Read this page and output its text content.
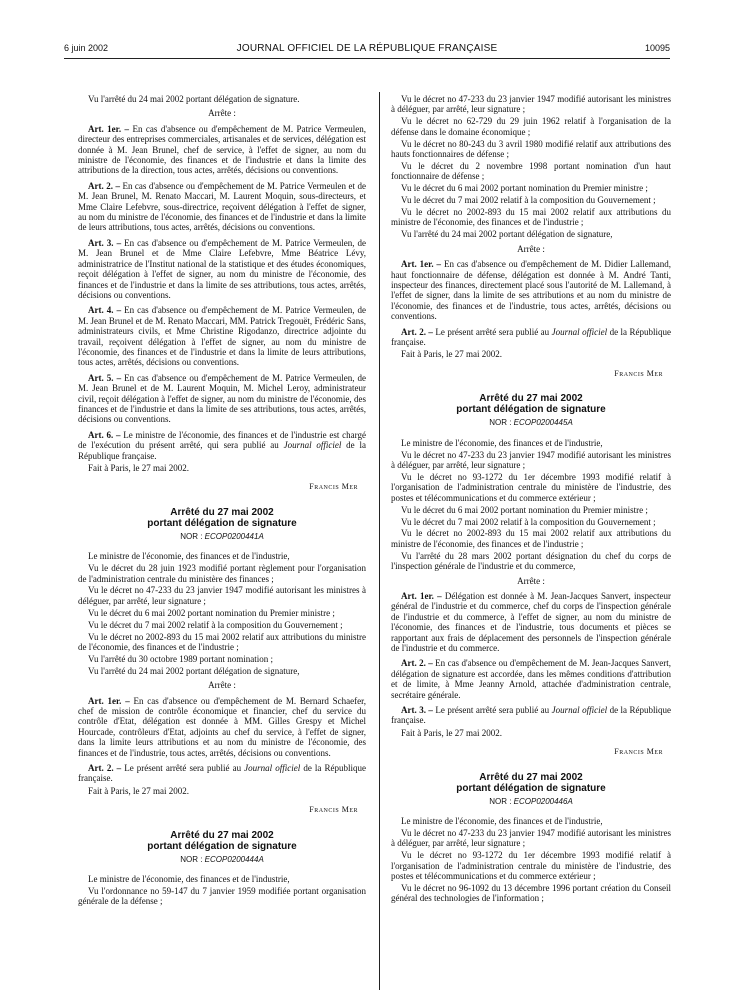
6 juin 2002	JOURNAL OFFICIEL DE LA RÉPUBLIQUE FRANÇAISE	10095

Vu l'arrêté du 24 mai 2002 portant délégation de signature.

Arrête :

Art. 1er. – En cas d'absence ou d'empêchement de M. Patrice Vermeulen, directeur des entreprises commerciales, artisanales et de services, délégation est donnée à M. Jean Brunel, chef de service, à l'effet de signer, au nom du ministre de l'économie, des finances et de l'industrie et dans la limite des attributions de la direction, tous actes, arrêtés, décisions ou conventions.

Art. 2. – En cas d'absence ou d'empêchement de M. Patrice Vermeulen et de M. Jean Brunel, M. Renato Maccari, M. Laurent Moquin, sous-directeurs, et Mme Claire Lefebvre, sous-directrice, reçoivent délégation à l'effet de signer, au nom du ministre de l'économie, des finances et de l'industrie et dans la limite de leurs attributions, tous actes, arrêtés, décisions ou conventions.

Art. 3. – En cas d'absence ou d'empêchement de M. Patrice Vermeulen, de M. Jean Brunel et de Mme Claire Lefebvre, Mme Béatrice Lévy, administratrice de l'Institut national de la statistique et des études économiques, reçoit délégation à l'effet de signer, au nom du ministre de l'économie, des finances et de l'industrie et dans la limite de ses attributions, tous actes, arrêtés, décisions ou conventions.

Art. 4. – En cas d'absence ou d'empêchement de M. Patrice Vermeulen, de M. Jean Brunel et de M. Renato Maccari, MM. Patrick Tregouët, Frédéric Sans, administrateurs civils, et Mme Christine Rigodanzo, directrice adjointe du travail, reçoivent délégation à l'effet de signer, au nom du ministre de l'économie, des finances et de l'industrie et dans la limite de leurs attributions, tous actes, arrêtés, décisions ou conventions.

Art. 5. – En cas d'absence ou d'empêchement de M. Patrice Vermeulen, de M. Jean Brunel et de M. Laurent Moquin, M. Michel Leroy, administrateur civil, reçoit délégation à l'effet de signer, au nom du ministre de l'économie, des finances et de l'industrie et dans la limite de ses attributions, tous actes, arrêtés, décisions ou conventions.

Art. 6. – Le ministre de l'économie, des finances et de l'industrie est chargé de l'exécution du présent arrêté, qui sera publié au Journal officiel de la République française.

Fait à Paris, le 27 mai 2002.

Francis Mer
Arrêté du 27 mai 2002
portant délégation de signature
NOR : ECOP0200441A

Le ministre de l'économie, des finances et de l'industrie,

Vu le décret du 28 juin 1923 modifié portant règlement pour l'organisation de l'administration centrale du ministère des finances ;

Vu le décret no 47-233 du 23 janvier 1947 modifié autorisant les ministres à déléguer, par arrêté, leur signature ;

Vu le décret du 6 mai 2002 portant nomination du Premier ministre ;

Vu le décret du 7 mai 2002 relatif à la composition du Gouvernement ;

Vu le décret no 2002-893 du 15 mai 2002 relatif aux attributions du ministre de l'économie, des finances et de l'industrie ;

Vu l'arrêté du 30 octobre 1989 portant nomination ;

Vu l'arrêté du 24 mai 2002 portant délégation de signature,

Arrête :

Art. 1er. – En cas d'absence ou d'empêchement de M. Bernard Schaefer, chef de mission de contrôle économique et financier, chef du service du contrôle d'Etat, délégation est donnée à MM. Gilles Grespy et Michel Hourcade, contrôleurs d'Etat, adjoints au chef du service, à l'effet de signer, dans la limite leurs attributions et au nom du ministre de l'économie, des finances et de l'industrie, tous actes, arrêtés, décisions ou conventions.

Art. 2. – Le présent arrêté sera publié au Journal officiel de la République française.

Fait à Paris, le 27 mai 2002.

Francis Mer
Arrêté du 27 mai 2002
portant délégation de signature
NOR : ECOP0200444A

Le ministre de l'économie, des finances et de l'industrie,

Vu l'ordonnance no 59-147 du 7 janvier 1959 modifiée portant organisation générale de la défense ;

Vu le décret no 47-233 du 23 janvier 1947 modifié autorisant les ministres à déléguer, par arrêté, leur signature ;

Vu le décret no 62-729 du 29 juin 1962 relatif à l'organisation de la défense dans le domaine économique ;

Vu le décret no 80-243 du 3 avril 1980 modifié relatif aux attributions des hauts fonctionnaires de défense ;

Vu le décret du 2 novembre 1998 portant nomination d'un haut fonctionnaire de défense ;

Vu le décret du 6 mai 2002 portant nomination du Premier ministre ;

Vu le décret du 7 mai 2002 relatif à la composition du Gouvernement ;

Vu le décret no 2002-893 du 15 mai 2002 relatif aux attributions du ministre de l'économie, des finances et de l'industrie ;

Vu l'arrêté du 24 mai 2002 portant délégation de signature,

Arrête :

Art. 1er. – En cas d'absence ou d'empêchement de M. Didier Lallemand, haut fonctionnaire de défense, délégation est donnée à M. André Tanti, inspecteur des finances, directement placé sous l'autorité de M. Lallemand, à l'effet de signer, dans la limite de ses attributions et au nom du ministre de l'économie, des finances et de l'industrie, tous actes, arrêtés, décisions ou conventions.

Art. 2. – Le présent arrêté sera publié au Journal officiel de la République française.

Fait à Paris, le 27 mai 2002.

Francis Mer
Arrêté du 27 mai 2002
portant délégation de signature
NOR : ECOP0200445A

Le ministre de l'économie, des finances et de l'industrie,

Vu le décret no 47-233 du 23 janvier 1947 modifié autorisant les ministres à déléguer, par arrêté, leur signature ;

Vu le décret no 93-1272 du 1er décembre 1993 modifié relatif à l'organisation de l'administration centrale du ministère de l'industrie, des postes et télécommunications et du commerce extérieur ;

Vu le décret du 6 mai 2002 portant nomination du Premier ministre ;

Vu le décret du 7 mai 2002 relatif à la composition du Gouvernement ;

Vu le décret no 2002-893 du 15 mai 2002 relatif aux attributions du ministre de l'économie, des finances et de l'industrie ;

Vu l'arrêté du 28 mars 2002 portant désignation du chef du corps de l'inspection générale de l'industrie et du commerce,

Arrête :

Art. 1er. – Délégation est donnée à M. Jean-Jacques Sanvert, inspecteur général de l'industrie et du commerce, chef du corps de l'inspection générale de l'industrie et du commerce, à l'effet de signer, au nom du ministre de l'économie, des finances et de l'industrie, tous documents et pièces se rapportant aux frais de déplacement des personnels de l'inspection générale de l'industrie et du commerce.

Art. 2. – En cas d'absence ou d'empêchement de M. Jean-Jacques Sanvert, délégation de signature est accordée, dans les mêmes conditions d'attribution et de limite, à Mme Jeanny Arnold, attachée d'administration centrale, secrétaire générale.

Art. 3. – Le présent arrêté sera publié au Journal officiel de la République française.

Fait à Paris, le 27 mai 2002.

Francis Mer
Arrêté du 27 mai 2002
portant délégation de signature
NOR : ECOP0200446A

Le ministre de l'économie, des finances et de l'industrie,

Vu le décret no 47-233 du 23 janvier 1947 modifié autorisant les ministres à déléguer, par arrêté, leur signature ;

Vu le décret no 93-1272 du 1er décembre 1993 modifié relatif à l'organisation de l'administration centrale du ministère de l'industrie, des postes et télécommunications et du commerce extérieur ;

Vu le décret no 96-1092 du 13 décembre 1996 portant création du Conseil général des technologies de l'information ;
